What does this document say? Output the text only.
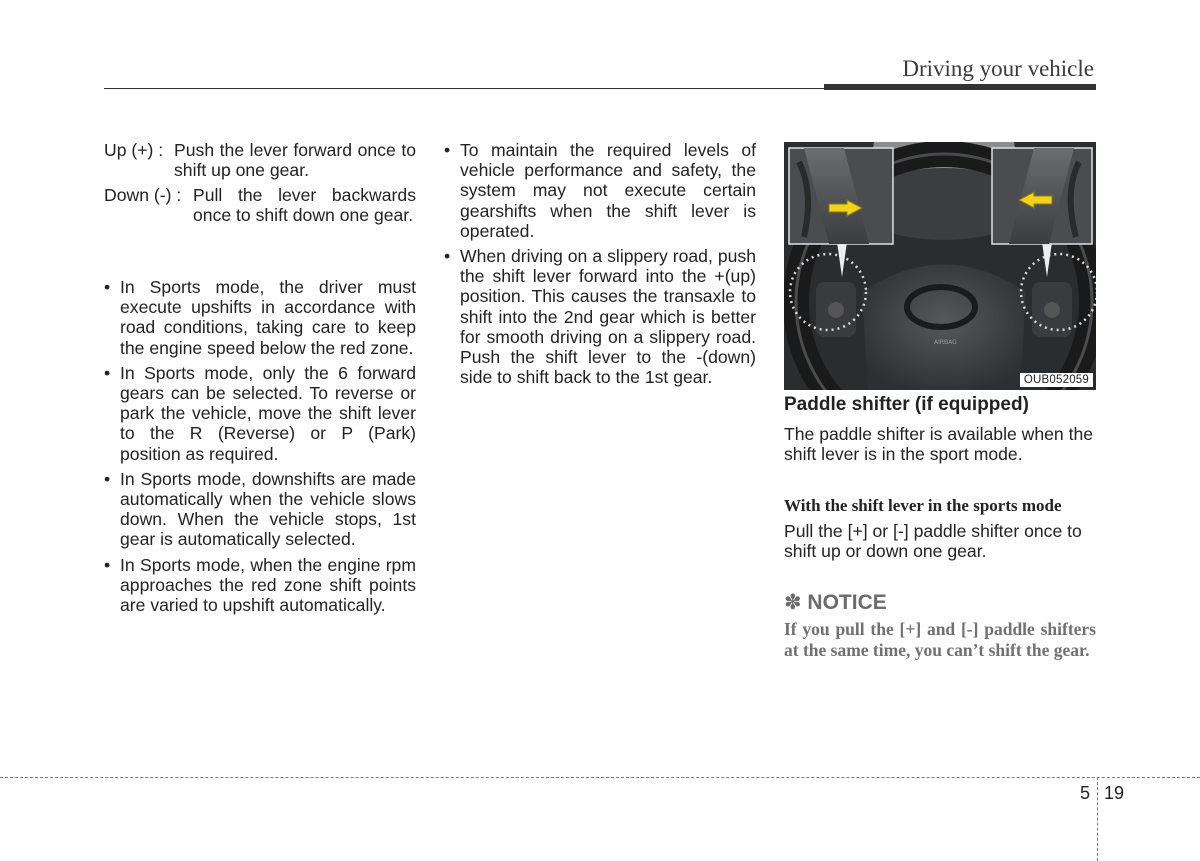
Driving your vehicle
Up (+) : Push the lever forward once to shift up one gear.
Down (-) : Pull the lever backwards once to shift down one gear.
• In Sports mode, the driver must execute upshifts in accordance with road conditions, taking care to keep the engine speed below the red zone.
• In Sports mode, only the 6 forward gears can be selected. To reverse or park the vehicle, move the shift lever to the R (Reverse) or P (Park) position as required.
• In Sports mode, downshifts are made automatically when the vehicle slows down. When the vehicle stops, 1st gear is automatically selected.
• In Sports mode, when the engine rpm approaches the red zone shift points are varied to upshift automatically.
• To maintain the required levels of vehicle performance and safety, the system may not execute certain gearshifts when the shift lever is operated.
• When driving on a slippery road, push the shift lever forward into the +(up) position. This causes the transaxle to shift into the 2nd gear which is better for smooth driving on a slippery road. Push the shift lever to the -(down) side to shift back to the 1st gear.
AIRBAG
OUB052059
Paddle shifter (if equipped)
The paddle shifter is available when the shift lever is in the sport mode.
With the shift lever in the sports mode
Pull the [+] or [-] paddle shifter once to shift up or down one gear.
✽ NOTICE
If you pull the [+] and [-] paddle shifters at the same time, you can’t shift the gear.
5 19
